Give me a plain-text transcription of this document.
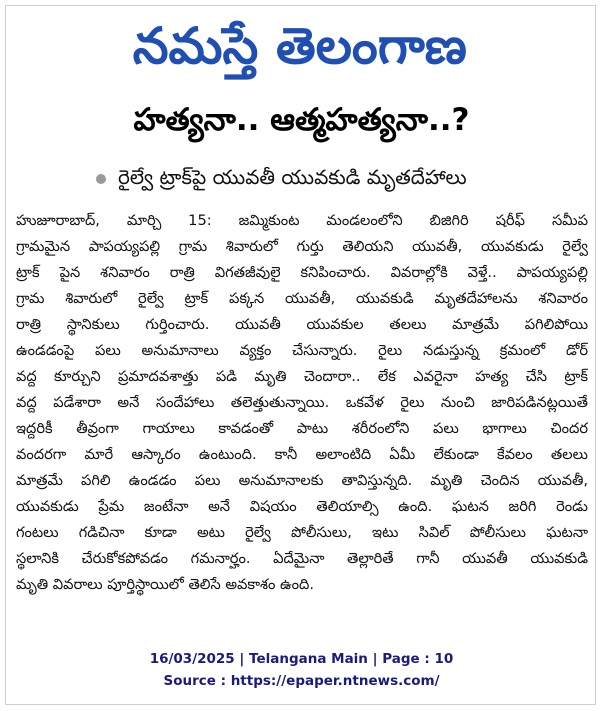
నమస్తే తెలంగాణ
హత్యనా.. ఆత్మహత్యనా..?
రైల్వే ట్రాక్‌పై యువతీ యువకుడి మృతదేహాలు
హుజూరాబాద్, మార్చి 15: జమ్మికుంట మండలంలోని బిజిగిరి షరీఫ్ సమీప
గ్రామమైన పాపయ్యపల్లి గ్రామ శివారులో గుర్తు తెలియని యువతీ, యువకుడు రైల్వే
ట్రాక్ పైన శనివారం రాత్రి విగతజీవులై కనిపించారు. వివరాల్లోకి వెళ్తే.. పాపయ్యపల్లి
గ్రామ శివారులో రైల్వే ట్రాక్ పక్కన యువతీ, యువకుడి మృతదేహాలను శనివారం
రాత్రి స్థానికులు గుర్తించారు. యువతీ యువకుల తలలు మాత్రమే పగిలిపోయి
ఉండడంపై పలు అనుమానాలు వ్యక్తం చేసున్నారు. రైలు నడుస్తున్న క్రమంలో డోర్
వద్ద కూర్చుని ప్రమాదవశాత్తు పడి మృతి చెందారా.. లేక ఎవరైనా హత్య చేసి ట్రాక్
వద్ద పడేశారా అనే సందేహాలు తలెత్తుతున్నాయి. ఒకవేళ రైలు నుంచి జారిపడినట్లయితే
ఇద్దరికీ తీవ్రంగా గాయాలు కావడంతో పాటు శరీరంలోని పలు భాగాలు చిందర
వందరగా మారే ఆస్కారం ఉంటుంది. కానీ అలాంటిది ఏమీ లేకుండా కేవలం తలలు
మాత్రమే పగిలి ఉండడం పలు అనుమానాలకు తావిస్తున్నది. మృతి చెందిన యువతీ,
యువకుడు ప్రేమ జంటేనా అనే విషయం తెలియాల్సి ఉంది. ఘటన జరిగి రెండు
గంటలు గడిచినా కూడా అటు రైల్వే పోలీసులు, ఇటు సివిల్ పోలీసులు ఘటనా
స్థలానికి చేరుకోకపోవడం గమనార్హం. ఏదేమైనా తెల్లారితే గానీ యువతీ యువకుడి
మృతి వివరాలు పూర్తిస్థాయిలో తెలిసే అవకాశం ఉంది.
16/03/2025 | Telangana Main | Page : 10
Source : https://epaper.ntnews.com/
